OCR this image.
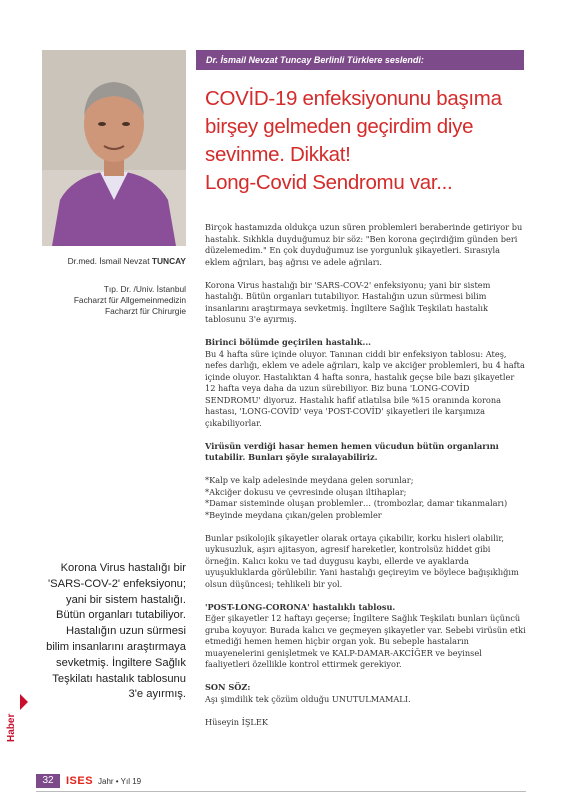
Dr. İsmail Nevzat Tuncay Berlinli Türklere seslendi:
COVİD-19 enfeksiyonunu başıma
birşey gelmeden geçirdim diye
sevinme. Dikkat!
Long-Covid Sendromu var...
Dr.med. İsmail Nevzat TUNCAY
Tıp. Dr. /Univ. İstanbul
Facharzt für Allgemeinmedizin
Facharzt für Chirurgie

Birçok hastamızda oldukça uzun süren problemleri beraberinde getiriyor bu hastalık. Sıkhkla duyduğumuz bir söz: "Ben korona geçirdiğim günden beri düzelemedim." En çok duyduğumuz ise yorgunluk şikayetleri. Sırasıyla eklem ağrıları, baş ağrısı ve adele ağrıları.

Korona Virus hastalığı bir 'SARS-COV-2' enfeksiyonu; yani bir sistem hastalığı. Bütün organları tutabiliyor. Hastalığın uzun sürmesi bilim insanlarını araştırmaya sevketmiş. İngiltere Sağlık Teşkilatı hastalık tablosunu 3'e ayırmış.

Birinci bölümde geçirilen hastalık...
Bu 4 hafta süre içinde oluyor. Tanınan ciddi bir enfeksiyon tablosu: Ateş, nefes darlığı, eklem ve adele ağrıları, kalp ve akciğer problemleri, bu 4 hafta içinde oluyor. Hastalıktan 4 hafta sonra, hastalık geçse bile bazı şikayetler 12 hafta veya daha da uzun sürebiliyor. Biz buna 'LONG-COVİD SENDROMU' diyoruz. Hastalık hafif atlatılsa bile %15 oranında korona hastası, 'LONG-COVİD' veya 'POST-COVİD' şikayetleri ile karşımıza çıkabiliyorlar.

Virüsün verdiği hasar hemen hemen vücudun bütün organlarını tutabilir. Bunları şöyle sıralayabiliriz.

*Kalp ve kalp adelesinde meydana gelen sorunlar;
*Akciğer dokusu ve çevresinde oluşan iltihaplar;
*Damar sisteminde oluşan problemler… (trombozlar, damar tıkanmaları)
*Beyinde meydana çıkan/gelen problemler

Bunlar psikolojik şikayetler olarak ortaya çıkabilir, korku hisleri olabilir, uykusuzluk, aşırı ajitasyon, agresif hareketler, kontrolsüz hiddet gibi örneğin. Kalıcı koku ve tad duygusu kaybı, ellerde ve ayaklarda uyuşukluklarda görülebilir. Yani hastalığı geçireyim ve böylece bağışıklığım olsun düşüncesi; tehlikeli bir yol.

'POST-LONG-CORONA' hastalıklı tablosu.
Eğer şikayetler 12 haftayı geçerse; İngiltere Sağlık Teşkilatı bunları üçüncü gruba koyuyor. Burada kalıcı ve geçmeyen şikayetler var. Sebebi virüsün etki etmediği hemen hemen hiçbir organ yok. Bu sebeple hastaların muayenelerini genişletmek ve KALP-DAMAR-AKCİĞER ve beyinsel faaliyetleri özellikle kontrol ettirmek gerekiyor.

SON SÖZ:
Aşı şimdilik tek çözüm olduğu UNUTULMAMALI.

Hüseyin İŞLEK

Korona Virus hastalığı bir 'SARS-COV-2' enfeksiyonu; yani bir sistem hastalığı. Bütün organları tutabiliyor. Hastalığın uzun sürmesi bilim insanlarını araştırmaya sevketmiş. İngiltere Sağlık Teşkilatı hastalık tablosunu 3'e ayırmış.
Haber
32	ISES Jahr • Yıl 19
